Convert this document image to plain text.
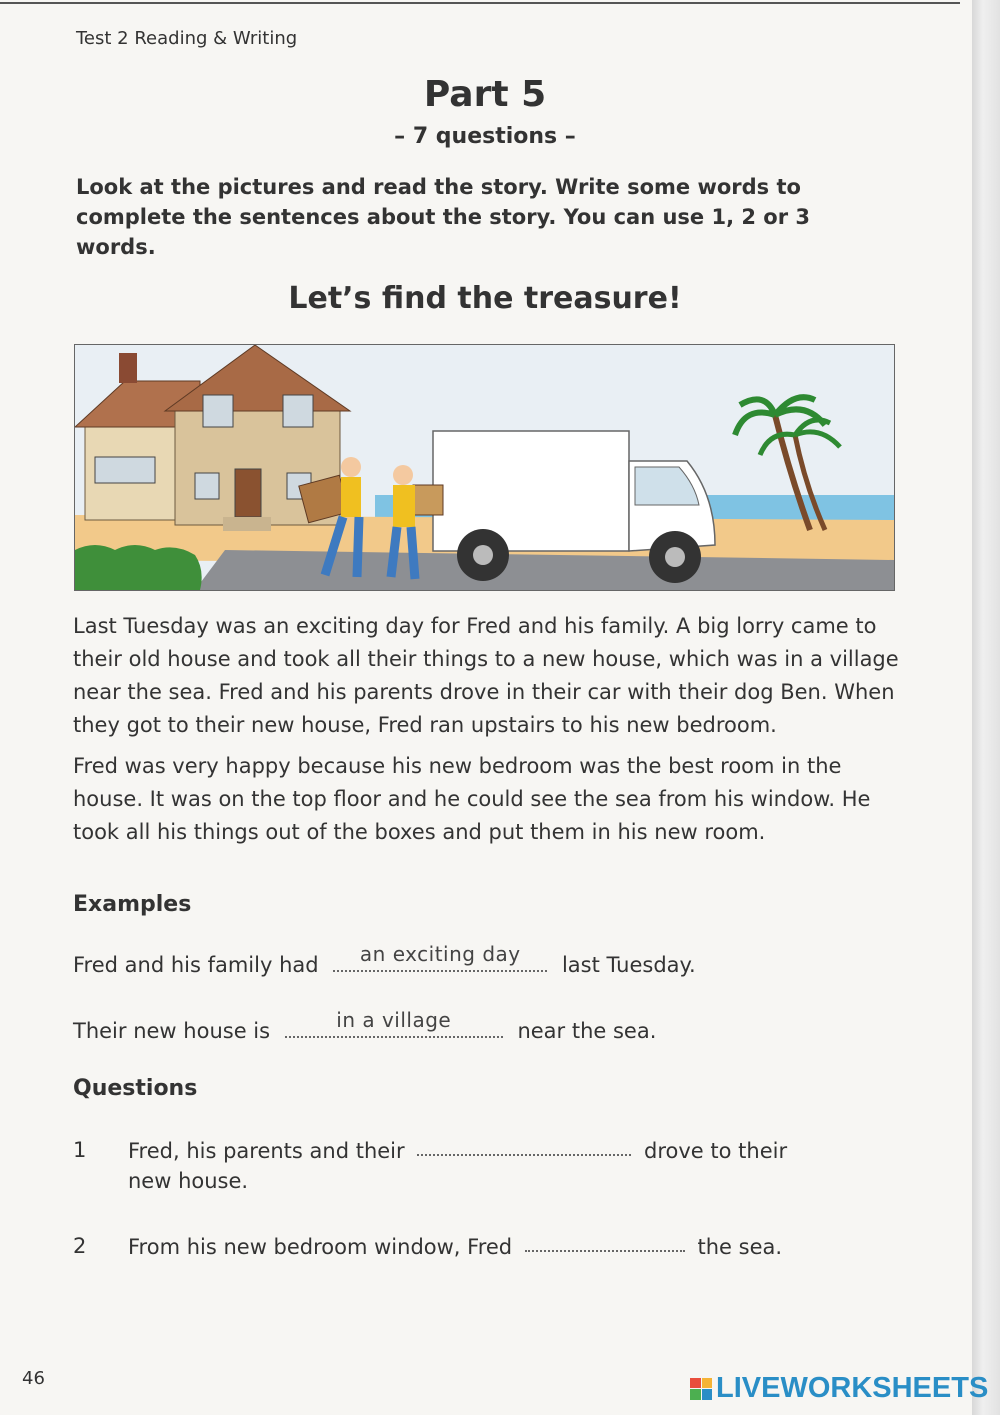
Test 2 Reading & Writing
Part 5
– 7 questions –
Look at the pictures and read the story. Write some words to complete the sentences about the story. You can use 1, 2 or 3 words.
Let’s find the treasure!

Last Tuesday was an exciting day for Fred and his family. A big lorry came to their old house and took all their things to a new house, which was in a village near the sea. Fred and his parents drove in their car with their dog Ben. When they got to their new house, Fred ran upstairs to his new bedroom.

Fred was very happy because his new bedroom was the best room in the house. It was on the top floor and he could see the sea from his window. He took all his things out of the boxes and put them in his new room.

Examples
Fred and his family had	an exciting day	last Tuesday.
Their new house is	in a village	near the sea.
Questions
1 Fred, his parents and their	drove to their
new house.
2 From his new bedroom window, Fred	the sea.
46	LIVEWORKSHEETS
